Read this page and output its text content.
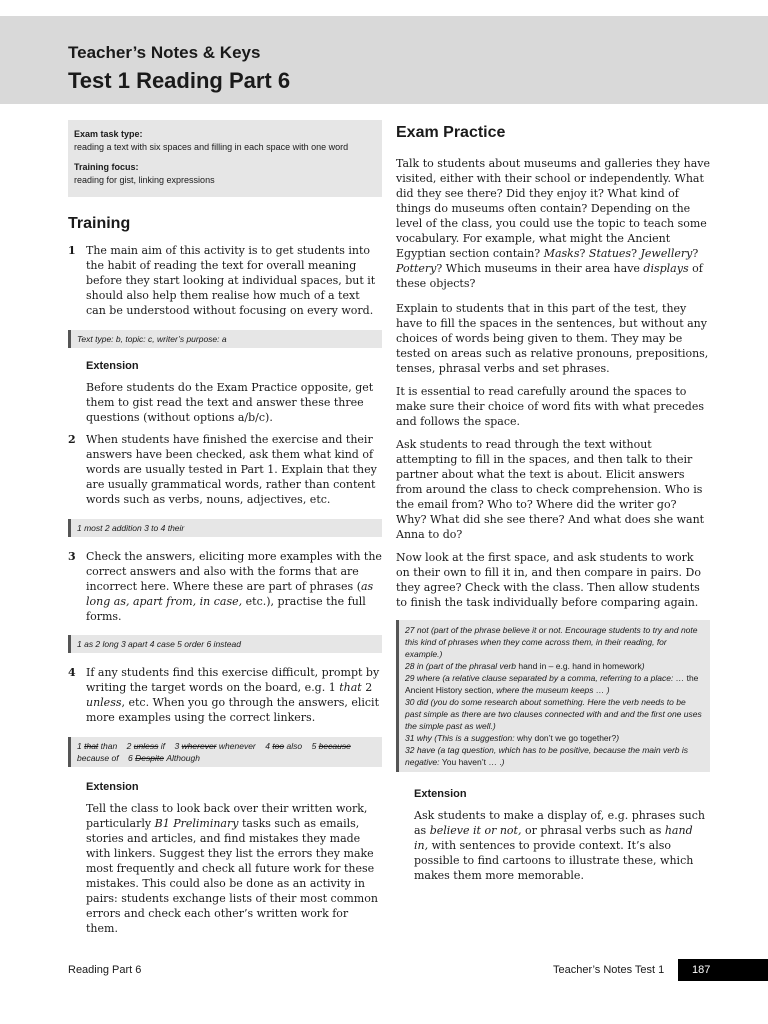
Teacher’s Notes & Keys
Test 1 Reading Part 6
Exam task type:
reading a text with six spaces and filling in each space with one word
Training focus:
reading for gist, linking expressions
Training
1 The main aim of this activity is to get students into the habit of reading the text for overall meaning before they start looking at individual spaces, but it should also help them realise how much of a text can be understood without focusing on every word.
Text type: b, topic: c, writer’s purpose: a
Extension

Before students do the Exam Practice opposite, get them to gist read the text and answer these three questions (without options a/b/c).

2 When students have finished the exercise and their answers have been checked, ask them what kind of words are usually tested in Part 1. Explain that they are usually grammatical words, rather than content words such as verbs, nouns, adjectives, etc.
1 most 2 addition 3 to 4 their
3 Check the answers, eliciting more examples with the correct answers and also with the forms that are incorrect here. Where these are part of phrases (as long as, apart from, in case, etc.), practise the full forms.
1 as 2 long 3 apart 4 case 5 order 6 instead
4 If any students find this exercise difficult, prompt by writing the target words on the board, e.g. 1 that 2 unless, etc. When you go through the answers, elicit more examples using the correct linkers.
1 that than 2 unless if 3 wherever whenever 4 too also 5 because because of 6 Despite Although
Extension

Tell the class to look back over their written work, particularly B1 Preliminary tasks such as emails, stories and articles, and find mistakes they made with linkers. Suggest they list the errors they make most frequently and check all future work for these mistakes. This could also be done as an activity in pairs: students exchange lists of their most common errors and check each other’s written work for them.

Exam Practice

Talk to students about museums and galleries they have visited, either with their school or independently. What did they see there? Did they enjoy it? What kind of things do museums often contain? Depending on the level of the class, you could use the topic to teach some vocabulary. For example, what might the Ancient Egyptian section contain? Masks? Statues? Jewellery? Pottery? Which museums in their area have displays of these objects?

Explain to students that in this part of the test, they have to fill the spaces in the sentences, but without any choices of words being given to them. They may be tested on areas such as relative pronouns, prepositions, tenses, phrasal verbs and set phrases.

It is essential to read carefully around the spaces to make sure their choice of word fits with what precedes and follows the space.

Ask students to read through the text without attempting to fill in the spaces, and then talk to their partner about what the text is about. Elicit answers from around the class to check comprehension. Who is the email from? Who to? Where did the writer go? Why? What did she see there? And what does she want Anna to do?

Now look at the first space, and ask students to work on their own to fill it in, and then compare in pairs. Do they agree? Check with the class. Then allow students to finish the task individually before comparing again.

27 not (part of the phrase believe it or not. Encourage students to try and note this kind of phrases when they come across them, in their reading, for example.)
28 in (part of the phrasal verb hand in – e.g. hand in homework)
29 where (a relative clause separated by a comma, referring to a place: … the Ancient History section, where the museum keeps … )
30 did (you do some research about something. Here the verb needs to be past simple as there are two clauses connected with and and the first one uses the simple past as well.)
31 why (This is a suggestion: why don’t we go together?)
32 have (a tag question, which has to be positive, because the main verb is negative: You haven’t … .)
Extension

Ask students to make a display of, e.g. phrases such as believe it or not, or phrasal verbs such as hand in, with sentences to provide context. It’s also possible to find cartoons to illustrate these, which makes them more memorable.

Reading Part 6	Teacher’s Notes Test 1	187
